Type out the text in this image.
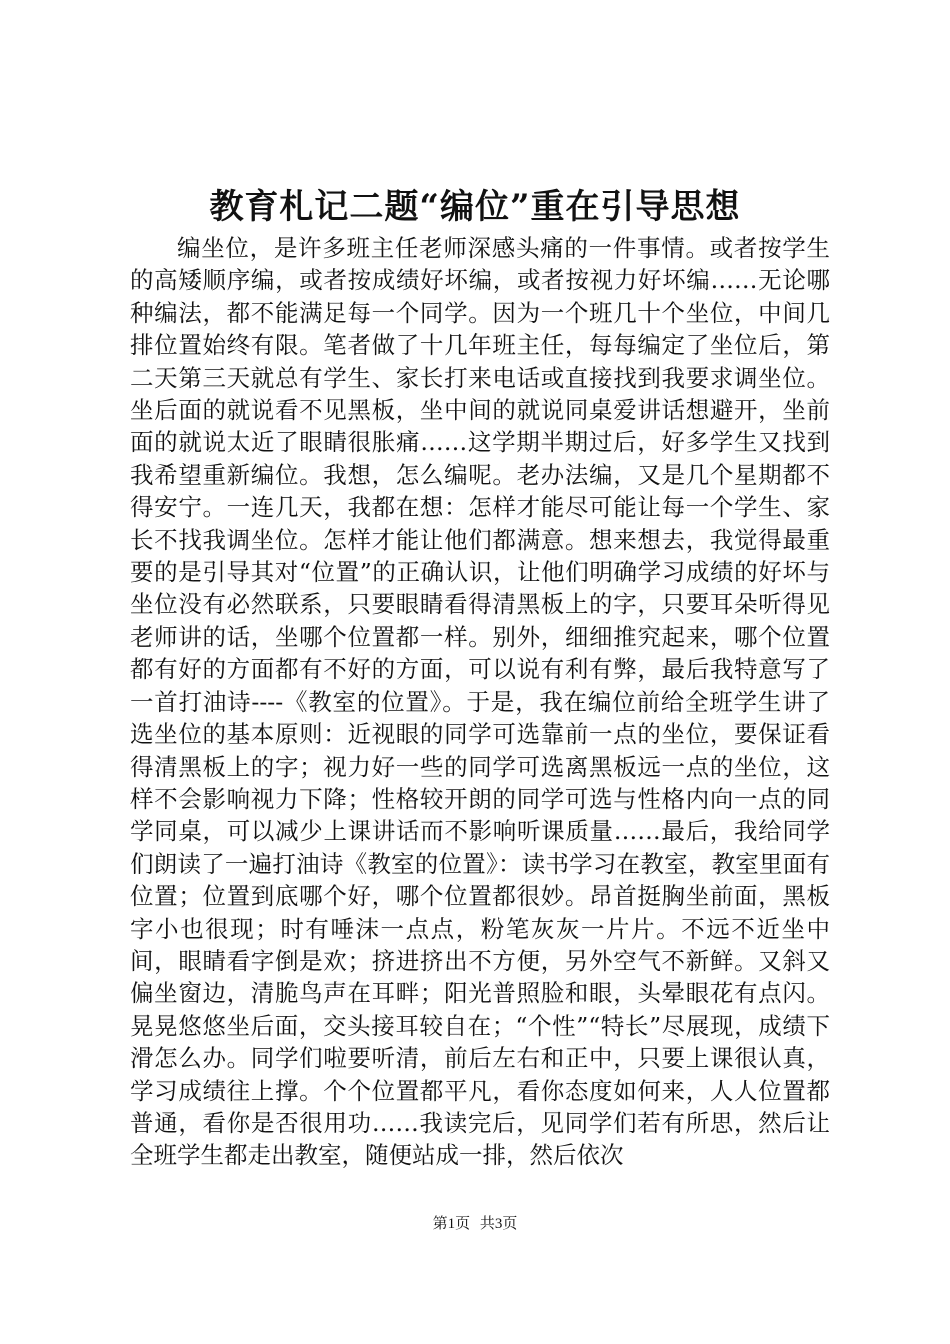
教育札记二题“编位”重在引导思想

编坐位，是许多班主任老师深感头痛的一件事情。或者按学生的高矮顺序编，或者按成绩好坏编，或者按视力好坏编……无论哪种编法，都不能满足每一个同学。因为一个班几十个坐位，中间几排位置始终有限。笔者做了十几年班主任，每每编定了坐位后，第二天第三天就总有学生、家长打来电话或直接找到我要求调坐位。坐后面的就说看不见黑板，坐中间的就说同桌爱讲话想避开，坐前面的就说太近了眼睛很胀痛……这学期半期过后，好多学生又找到我希望重新编位。我想，怎么编呢。老办法编，又是几个星期都不得安宁。一连几天，我都在想：怎样才能尽可能让每一个学生、家长不找我调坐位。怎样才能让他们都满意。想来想去，我觉得最重要的是引导其对“位置”的正确认识，让他们明确学习成绩的好坏与坐位没有必然联系，只要眼睛看得清黑板上的字，只要耳朵听得见老师讲的话，坐哪个位置都一样。别外，细细推究起来，哪个位置都有好的方面都有不好的方面，可以说有利有弊，最后我特意写了一首打油诗----《教室的位置》。于是，我在编位前给全班学生讲了选坐位的基本原则：近视眼的同学可选靠前一点的坐位，要保证看得清黑板上的字；视力好一些的同学可选离黑板远一点的坐位，这样不会影响视力下降；性格较开朗的同学可选与性格内向一点的同学同桌，可以减少上课讲话而不影响听课质量……最后，我给同学们朗读了一遍打油诗《教室的位置》：读书学习在教室，教室里面有位置；位置到底哪个好，哪个位置都很妙。昂首挺胸坐前面，黑板字小也很现；时有唾沫一点点，粉笔灰灰一片片。不远不近坐中间，眼睛看字倒是欢；挤进挤出不方便，另外空气不新鲜。又斜又偏坐窗边，清脆鸟声在耳畔；阳光普照脸和眼，头晕眼花有点闪。晃晃悠悠坐后面，交头接耳较自在；“个性”“特长”尽展现，成绩下滑怎么办。同学们啦要听清，前后左右和正中，只要上课很认真，学习成绩往上撑。个个位置都平凡，看你态度如何来，人人位置都普通，看你是否很用功……我读完后，见同学们若有所思，然后让全班学生都走出教室，随便站成一排，然后依次

第1页 共3页
